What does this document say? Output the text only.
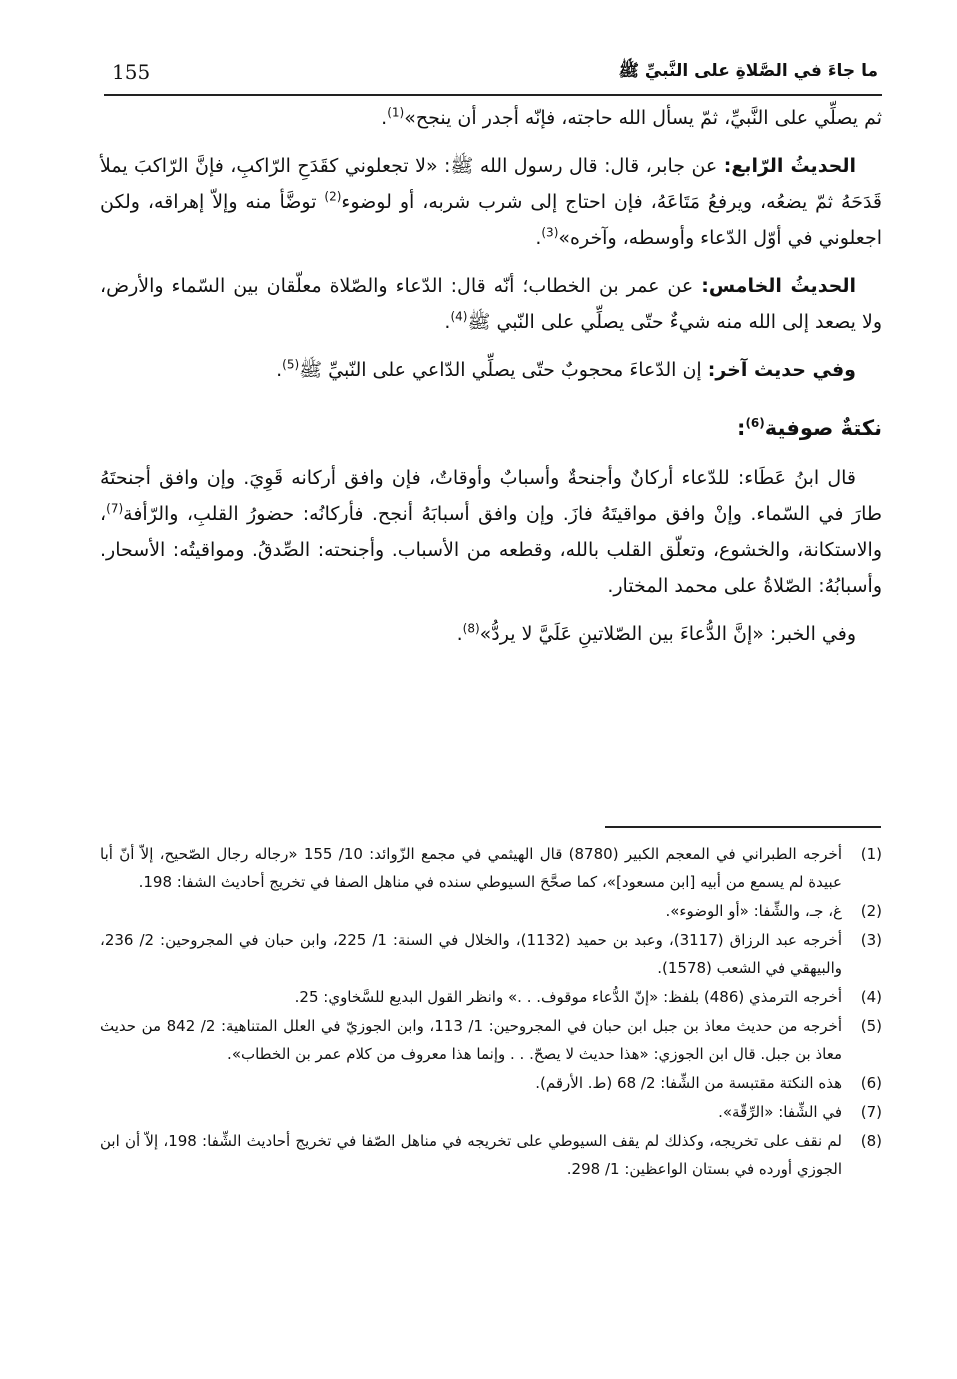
155	ما جاءَ في الصَّلاةِ على النَّبيِّ ﷺ

ثم يصلِّي على النَّبيِّ، ثمّ يسأل الله حاجته، فإنّه أجدر أن ينجح»$^{(1)}$.

الحديثُ الرّابع: عن جابر، قال: قال رسول الله ﷺ: «لا تجعلوني كقَدَحِ الرّاكبِ، فإنَّ الرّاكبَ يملأ قَدَحَهُ ثمّ يضعُه، ويرفعُ مَتَاعَهُ، فإن احتاج إلى شرب شربه، أو لوضوء$^{(2)}$ توضَّأ منه وإلاّ إهراقه، ولكن اجعلوني في أوّل الدّعاء وأوسطه، وآخره»$^{(3)}$.

الحديثُ الخامس: عن عمر بن الخطاب؛ أنّه قال: الدّعاء والصّلاة معلّقان بين السّماء والأرض، ولا يصعد إلى الله منه شيءٌ حتّى يصلِّي على النّبي ﷺ$^{(4)}$.

وفي حديث آخر: إن الدّعاءَ محجوبٌ حتّى يصلِّي الدّاعي على النّبيِّ ﷺ$^{(5)}$.

نكتةٌ صوفية$^{(6)}$:

قال ابنُ عَطَاء: للدّعاء أركانٌ وأجنحةٌ وأسبابٌ وأوقاتٌ، فإن وافق أركانه قَوِيَ. وإن وافق أجنحتَهُ طارَ في السّماء. وإنْ وافق مواقيتَهُ فازَ. وإن وافق أسبابَهُ أنجح. فأركانُه: حضورُ القلبِ، والرّأفة$^{(7)}$، والاستكانة، والخشوع، وتعلّق القلب بالله، وقطعه من الأسباب. وأجنحته: الصِّدقُ. ومواقيتُه: الأسحار. وأسبابُهُ: الصّلاةُ على محمد المختار.

وفي الخبر: «إنَّ الدُّعاءَ بين الصّلاتينِ عَلَيَّ لا يردُّ»$^{(8)}$.

(1)
أخرجه الطبراني في المعجم الكبير (8780) قال الهيثمي في مجمع الزّوائد: 10/ 155 «رجاله رجال الصّحيح، إلاّ أنّ أبا عبيدة لم يسمع من أبيه [ابن مسعود]»، كما صحَّحَ السيوطي سنده في مناهل الصفا في تخريج أحاديث الشفا: 198.
(2)
غ، جـ، والشِّفا: «أو الوضوء».
(3)
أخرجه عبد الرزاق (3117)، وعبد بن حميد (1132)، والخلال في السنة: 1/ 225، وابن حبان في المجروحين: 2/ 236، والبيهقي في الشعب (1578).
(4)
أخرجه الترمذي (486) بلفظ: «إنّ الدُّعاء موقوف. . .» وانظر القول البديع للسَّخاوي: 25.
(5)
أخرجه من حديث معاذ بن جبل ابن حبان في المجروحين: 1/ 113، وابن الجوزيّ في العلل المتناهية: 2/ 842 من حديث معاذ بن جبل. قال ابن الجوزي: «هذا حديث لا يصحّ. . . وإنما هذا معروف من كلام عمر بن الخطاب».
(6)
هذه النكتة مقتبسة من الشِّفا: 2/ 68 (ط. الأرقم).
(7)
في الشِّفا: «الرِّقّة».
(8)
لم نقف على تخريجه، وكذلك لم يقف السيوطي على تخريجه في مناهل الصّفا في تخريج أحاديث الشِّفا: 198، إلاّ أن ابن الجوزي أورده في بستان الواعظين: 1/ 298.
